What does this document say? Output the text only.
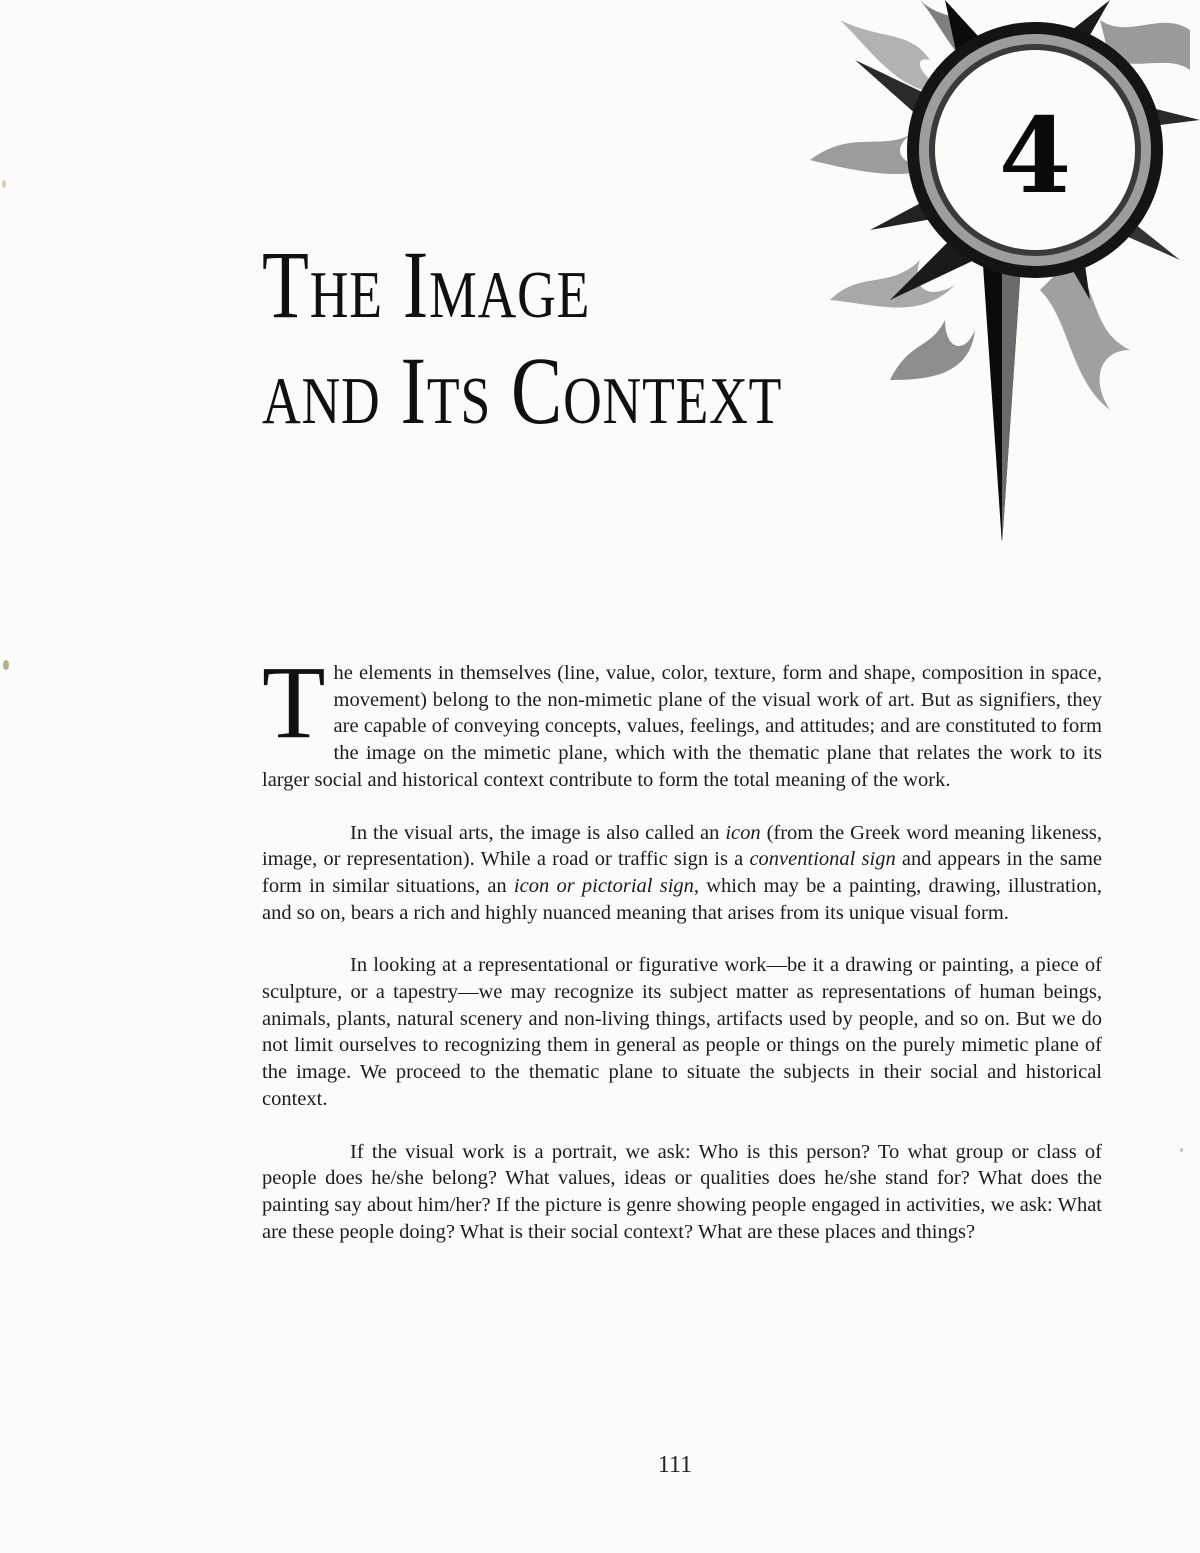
4
The Image
and Its Context

The elements in themselves (line, value, color, texture, form and shape, composition in space, movement) belong to the non-mimetic plane of the visual work of art. But as signifiers, they are capable of conveying concepts, values, feelings, and attitudes; and are constituted to form the image on the mimetic plane, which with the thematic plane that relates the work to its larger social and historical context contribute to form the total meaning of the work.

In the visual arts, the image is also called an icon (from the Greek word meaning likeness, image, or representation). While a road or traffic sign is a conventional sign and appears in the same form in similar situations, an icon or pictorial sign, which may be a painting, drawing, illustration, and so on, bears a rich and highly nuanced meaning that arises from its unique visual form.

In looking at a representational or figurative work—be it a drawing or painting, a piece of sculpture, or a tapestry—we may recognize its subject matter as representations of human beings, animals, plants, natural scenery and non-living things, artifacts used by people, and so on. But we do not limit ourselves to recognizing them in general as people or things on the purely mimetic plane of the image. We proceed to the thematic plane to situate the subjects in their social and historical context.

If the visual work is a portrait, we ask: Who is this person? To what group or class of people does he/she belong? What values, ideas or qualities does he/she stand for? What does the painting say about him/her? If the picture is genre showing people engaged in activities, we ask: What are these people doing? What is their social context? What are these places and things?

111
